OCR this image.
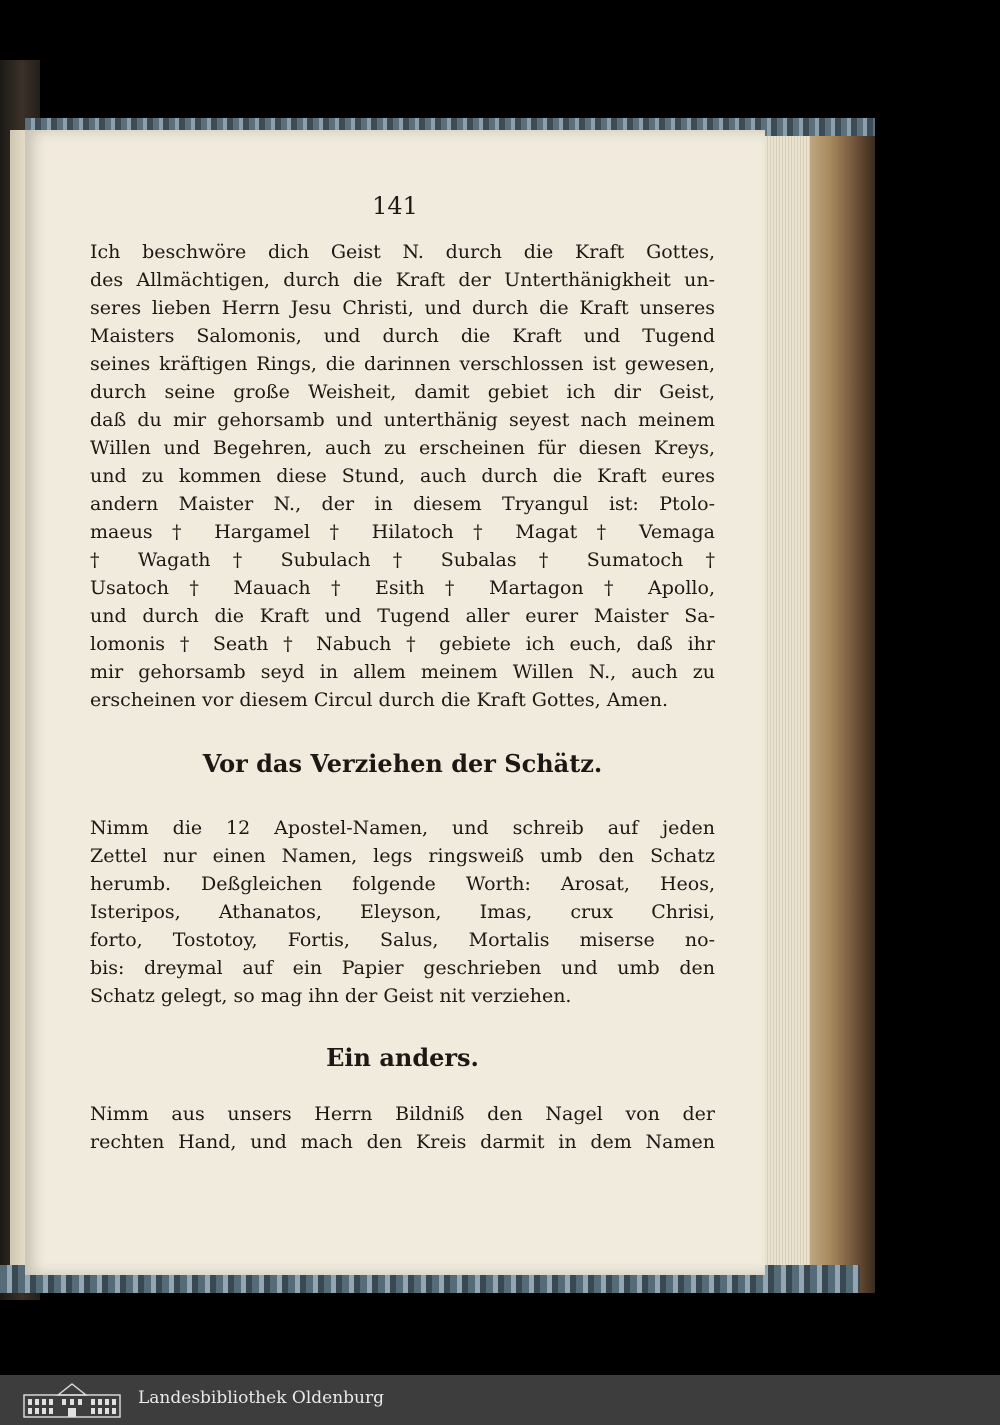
141
Ich beschwöre dich Geist N. durch die Kraft Gottes,
des Allmächtigen, durch die Kraft der Unterthänigkheit un-
seres lieben Herrn Jesu Christi, und durch die Kraft unseres
Maisters Salomonis, und durch die Kraft und Tugend
seines kräftigen Rings, die darinnen verschlossen ist gewesen,
durch seine große Weisheit, damit gebiet ich dir Geist,
daß du mir gehorsamb und unterthänig seyest nach meinem
Willen und Begehren, auch zu erscheinen für diesen Kreys,
und zu kommen diese Stund, auch durch die Kraft eures
andern Maister N., der in diesem Tryangul ist: Ptolo-
maeus † Hargamel † Hilatoch † Magat † Vemaga
† Wagath † Subulach † Subalas † Sumatoch †
Usatoch † Mauach † Esith † Martagon † Apollo,
und durch die Kraft und Tugend aller eurer Maister Sa-
lomonis † Seath † Nabuch † gebiete ich euch, daß ihr
mir gehorsamb seyd in allem meinem Willen N., auch zu
erscheinen vor diesem Circul durch die Kraft Gottes, Amen.
Vor das Verziehen der Schätz.
Nimm die 12 Apostel-Namen, und schreib auf jeden
Zettel nur einen Namen, legs ringsweiß umb den Schatz
herumb. Deßgleichen folgende Worth: Arosat, Heos,
Isteripos, Athanatos, Eleyson, Imas, crux Chrisi,
forto, Tostotoy, Fortis, Salus, Mortalis miserse no-
bis: dreymal auf ein Papier geschrieben und umb den
Schatz gelegt, so mag ihn der Geist nit verziehen.
Ein anders.
Nimm aus unsers Herrn Bildniß den Nagel von der
rechten Hand, und mach den Kreis darmit in dem Namen
Landesbibliothek Oldenburg
